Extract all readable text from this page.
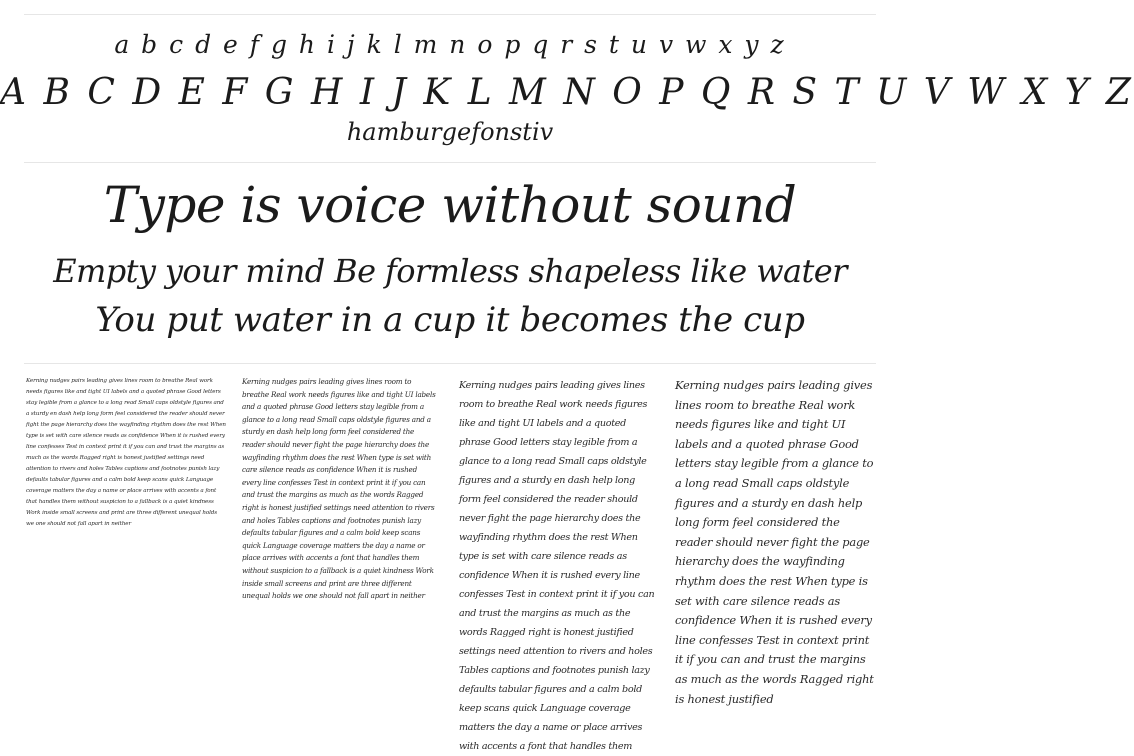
a b c d e f g h i j k l m n o p q r s t u v w x y z
A B C D E F G H I J K L M N O P Q R S T U V W X Y Z
hamburgefonstiv
Type is voice without sound
Empty your mind Be formless shapeless like water
You put water in a cup it becomes the cup

Kerning nudges pairs leading gives lines room to breathe Real work needs figures like and tight UI labels and a quoted phrase Good letters stay legible from a glance to a long read Small caps oldstyle figures and a sturdy en dash help long form feel considered the reader should never fight the page hierarchy does the wayfinding rhythm does the rest When type is set with care silence reads as confidence When it is rushed every line confesses Test in context print it if you can and trust the margins as much as the words Ragged right is honest justified settings need attention to rivers and holes Tables captions and footnotes punish lazy defaults tabular figures and a calm bold keep scans quick Language coverage matters the day a name or place arrives with accents a font that handles them without suspicion to a fallback is a quiet kindness Work inside small screens and print are three different unequal holds we one should not fall apart in neither

Kerning nudges pairs leading gives lines room to breathe Real work needs figures like and tight UI labels and a quoted phrase Good letters stay legible from a glance to a long read Small caps oldstyle figures and a sturdy en dash help long form feel considered the reader should never fight the page hierarchy does the wayfinding rhythm does the rest When type is set with care silence reads as confidence When it is rushed every line confesses Test in context print it if you can and trust the margins as much as the words Ragged right is honest justified settings need attention to rivers and holes Tables captions and footnotes punish lazy defaults tabular figures and a calm bold keep scans quick Language coverage matters the day a name or place arrives with accents a font that handles them without suspicion to a fallback is a quiet kindness Work inside small screens and print are three different unequal holds we one should not fall apart in neither

Kerning nudges pairs leading gives lines room to breathe Real work needs figures like and tight UI labels and a quoted phrase Good letters stay legible from a glance to a long read Small caps oldstyle figures and a sturdy en dash help long form feel considered the reader should never fight the page hierarchy does the wayfinding rhythm does the rest When type is set with care silence reads as confidence When it is rushed every line confesses Test in context print it if you can and trust the margins as much as the words Ragged right is honest justified settings need attention to rivers and holes Tables captions and footnotes punish lazy defaults tabular figures and a calm bold keep scans quick Language coverage matters the day a name or place arrives with accents a font that handles them

Kerning nudges pairs leading gives lines room to breathe Real work needs figures like and tight UI labels and a quoted phrase Good letters stay legible from a glance to a long read Small caps oldstyle figures and a sturdy en dash help long form feel considered the reader should never fight the page hierarchy does the wayfinding rhythm does the rest When type is set with care silence reads as confidence When it is rushed every line confesses Test in context print it if you can and trust the margins as much as the words Ragged right is honest justified
